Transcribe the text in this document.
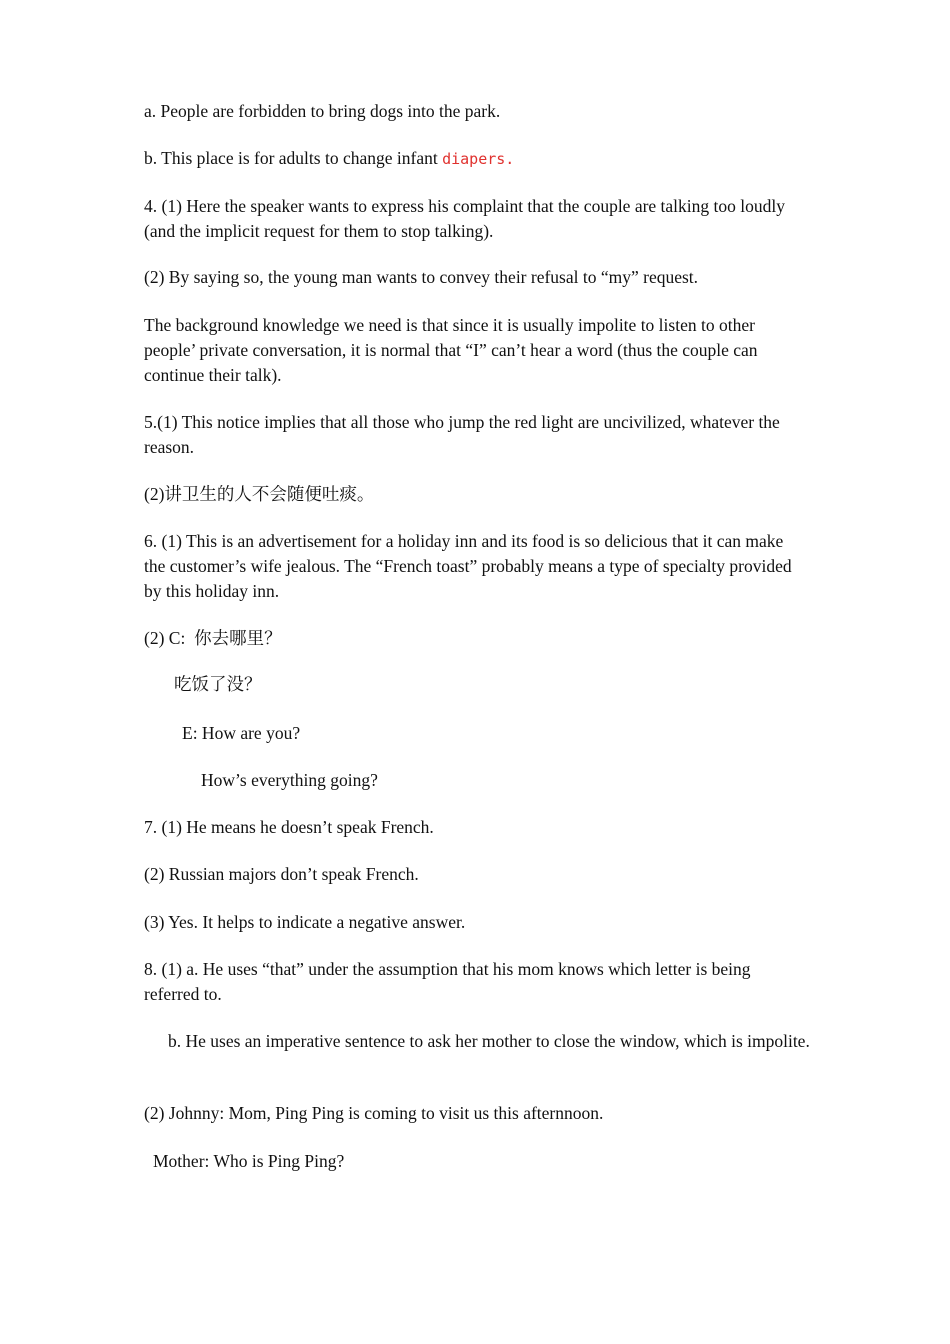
a. People are forbidden to bring dogs into the park.

b. This place is for adults to change infant diapers.

4. (1) Here the speaker wants to express his complaint that the couple are talking too loudly (and the implicit request for them to stop talking).

(2) By saying so, the young man wants to convey their refusal to “my” request.

The background knowledge we need is that since it is usually impolite to listen to other people’ private conversation, it is normal that “I” can’t hear a word (thus the couple can continue their talk).

5.(1) This notice implies that all those who jump the red light are uncivilized, whatever the reason.

(2)讲卫生的人不会随便吐痰。

6. (1) This is an advertisement for a holiday inn and its food is so delicious that it can make the customer’s wife jealous. The “French toast” probably means a type of specialty provided by this holiday inn.

(2) C:  你去哪里？

吃饭了没？

E: How are you?

How’s everything going?

7. (1) He means he doesn’t speak French.

(2) Russian majors don’t speak French.

(3) Yes. It helps to indicate a negative answer.

8. (1) a. He uses “that” under the assumption that his mom knows which letter is being referred to.

b. He uses an imperative sentence to ask her mother to close the window, which is impolite.

(2) Johnny: Mom, Ping Ping is coming to visit us this afternnoon.

Mother: Who is Ping Ping?
